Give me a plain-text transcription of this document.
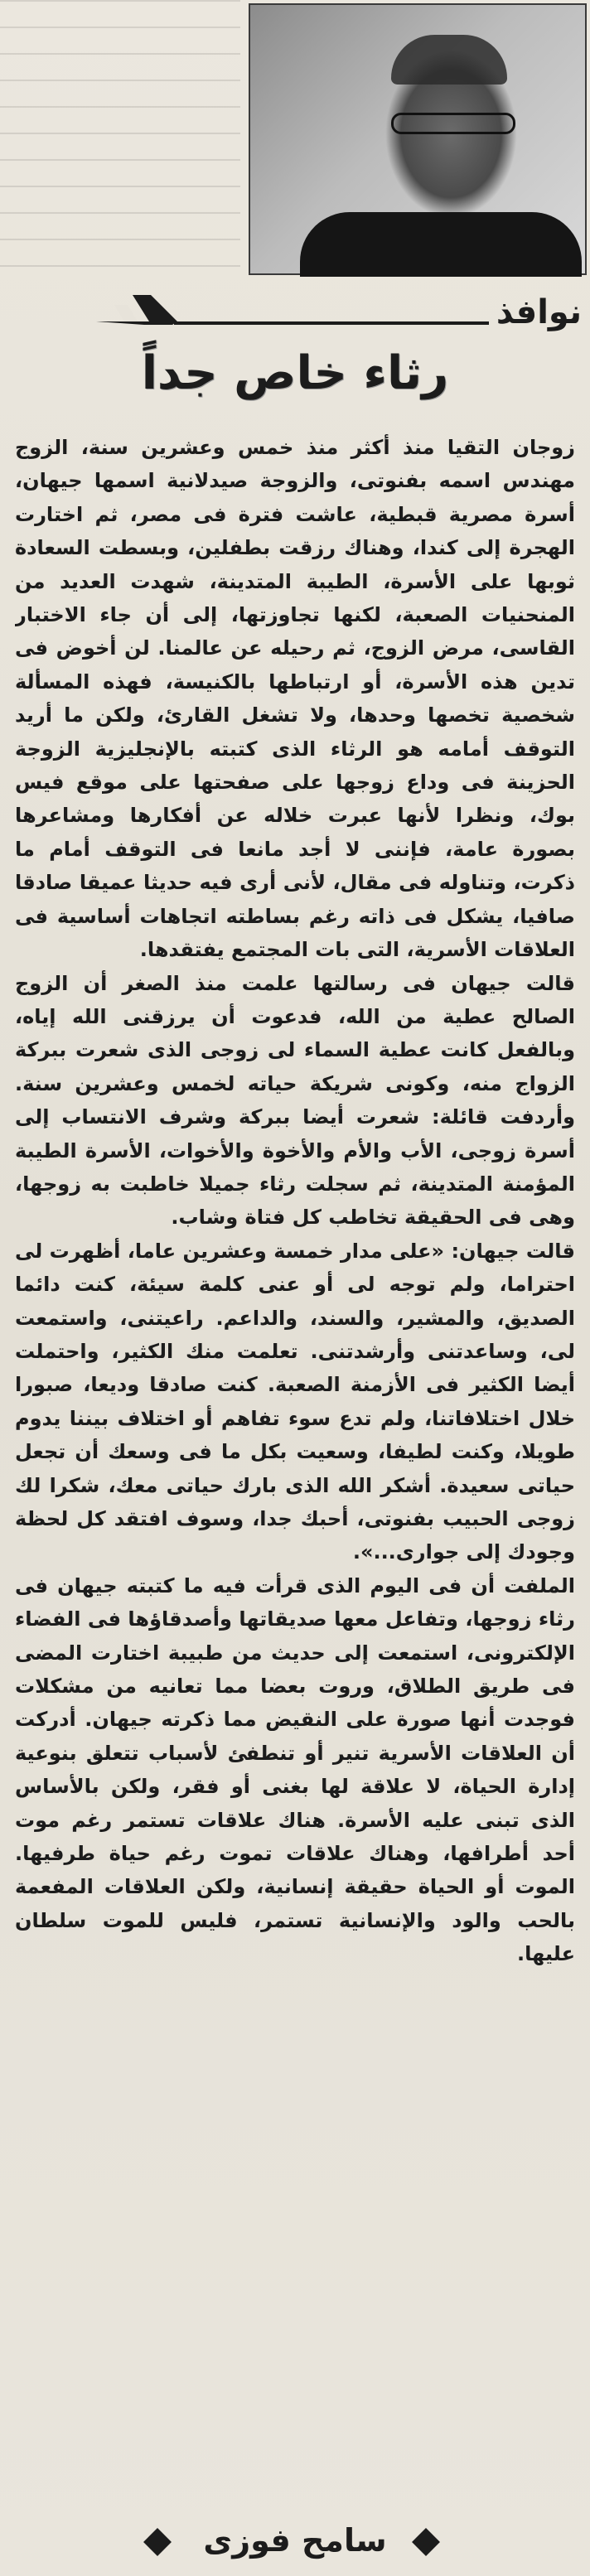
نوافذ
رثاء خاص جداً

زوجان التقيا منذ أكثر منذ خمس وعشرين سنة، الزوج مهندس اسمه بفنوتى، والزوجة صيدلانية اسمها جيهان، أسرة مصرية قبطية، عاشت فترة فى مصر، ثم اختارت الهجرة إلى كندا، وهناك رزقت بطفلين، وبسطت السعادة ثوبها على الأسرة، الطيبة المتدينة، شهدت العديد من المنحنيات الصعبة، لكنها تجاوزتها، إلى أن جاء الاختبار القاسى، مرض الزوج، ثم رحيله عن عالمنا. لن أخوض فى تدين هذه الأسرة، أو ارتباطها بالكنيسة، فهذه المسألة شخصية تخصها وحدها، ولا تشغل القارئ، ولكن ما أريد التوقف أمامه هو الرثاء الذى كتبته بالإنجليزية الزوجة الحزينة فى وداع زوجها على صفحتها على موقع فيس بوك، ونظرا لأنها عبرت خلاله عن أفكارها ومشاعرها بصورة عامة، فإننى لا أجد مانعا فى التوقف أمام ما ذكرت، وتناوله فى مقال، لأنى أرى فيه حديثا عميقا صادقا صافيا، يشكل فى ذاته رغم بساطته اتجاهات أساسية فى العلاقات الأسرية، التى بات المجتمع يفتقدها.

قالت جيهان فى رسالتها علمت منذ الصغر أن الزوج الصالح عطية من الله، فدعوت أن يرزقنى الله إياه، وبالفعل كانت عطية السماء لى زوجى الذى شعرت ببركة الزواج منه، وكونى شريكة حياته لخمس وعشرين سنة. وأردفت قائلة: شعرت أيضا ببركة وشرف الانتساب إلى أسرة زوجى، الأب والأم والأخوة والأخوات، الأسرة الطيبة المؤمنة المتدينة، ثم سجلت رثاء جميلا خاطبت به زوجها، وهى فى الحقيقة تخاطب كل فتاة وشاب.

قالت جيهان: «على مدار خمسة وعشرين عاما، أظهرت لى احتراما، ولم توجه لى أو عنى كلمة سيئة، كنت دائما الصديق، والمشير، والسند، والداعم. راعيتنى، واستمعت لى، وساعدتنى وأرشدتنى. تعلمت منك الكثير، واحتملت أيضا الكثير فى الأزمنة الصعبة. كنت صادقا وديعا، صبورا خلال اختلافاتنا، ولم تدع سوء تفاهم أو اختلاف بيننا يدوم طويلا، وكنت لطيفا، وسعيت بكل ما فى وسعك أن تجعل حياتى سعيدة. أشكر الله الذى بارك حياتى معك، شكرا لك زوجى الحبيب بفنوتى، أحبك جدا، وسوف افتقد كل لحظة وجودك إلى جوارى...».

الملفت أن فى اليوم الذى قرأت فيه ما كتبته جيهان فى رثاء زوجها، وتفاعل معها صديقاتها وأصدقاؤها فى الفضاء الإلكترونى، استمعت إلى حديث من طبيبة اختارت المضى فى طريق الطلاق، وروت بعضا مما تعانيه من مشكلات فوجدت أنها صورة على النقيض مما ذكرته جيهان. أدركت أن العلاقات الأسرية تنير أو تنطفئ لأسباب تتعلق بنوعية إدارة الحياة، لا علاقة لها بغنى أو فقر، ولكن بالأساس الذى تبنى عليه الأسرة. هناك علاقات تستمر رغم موت أحد أطرافها، وهناك علاقات تموت رغم حياة طرفيها. الموت أو الحياة حقيقة إنسانية، ولكن العلاقات المفعمة بالحب والود والإنسانية تستمر، فليس للموت سلطان عليها.

سامح فوزى
